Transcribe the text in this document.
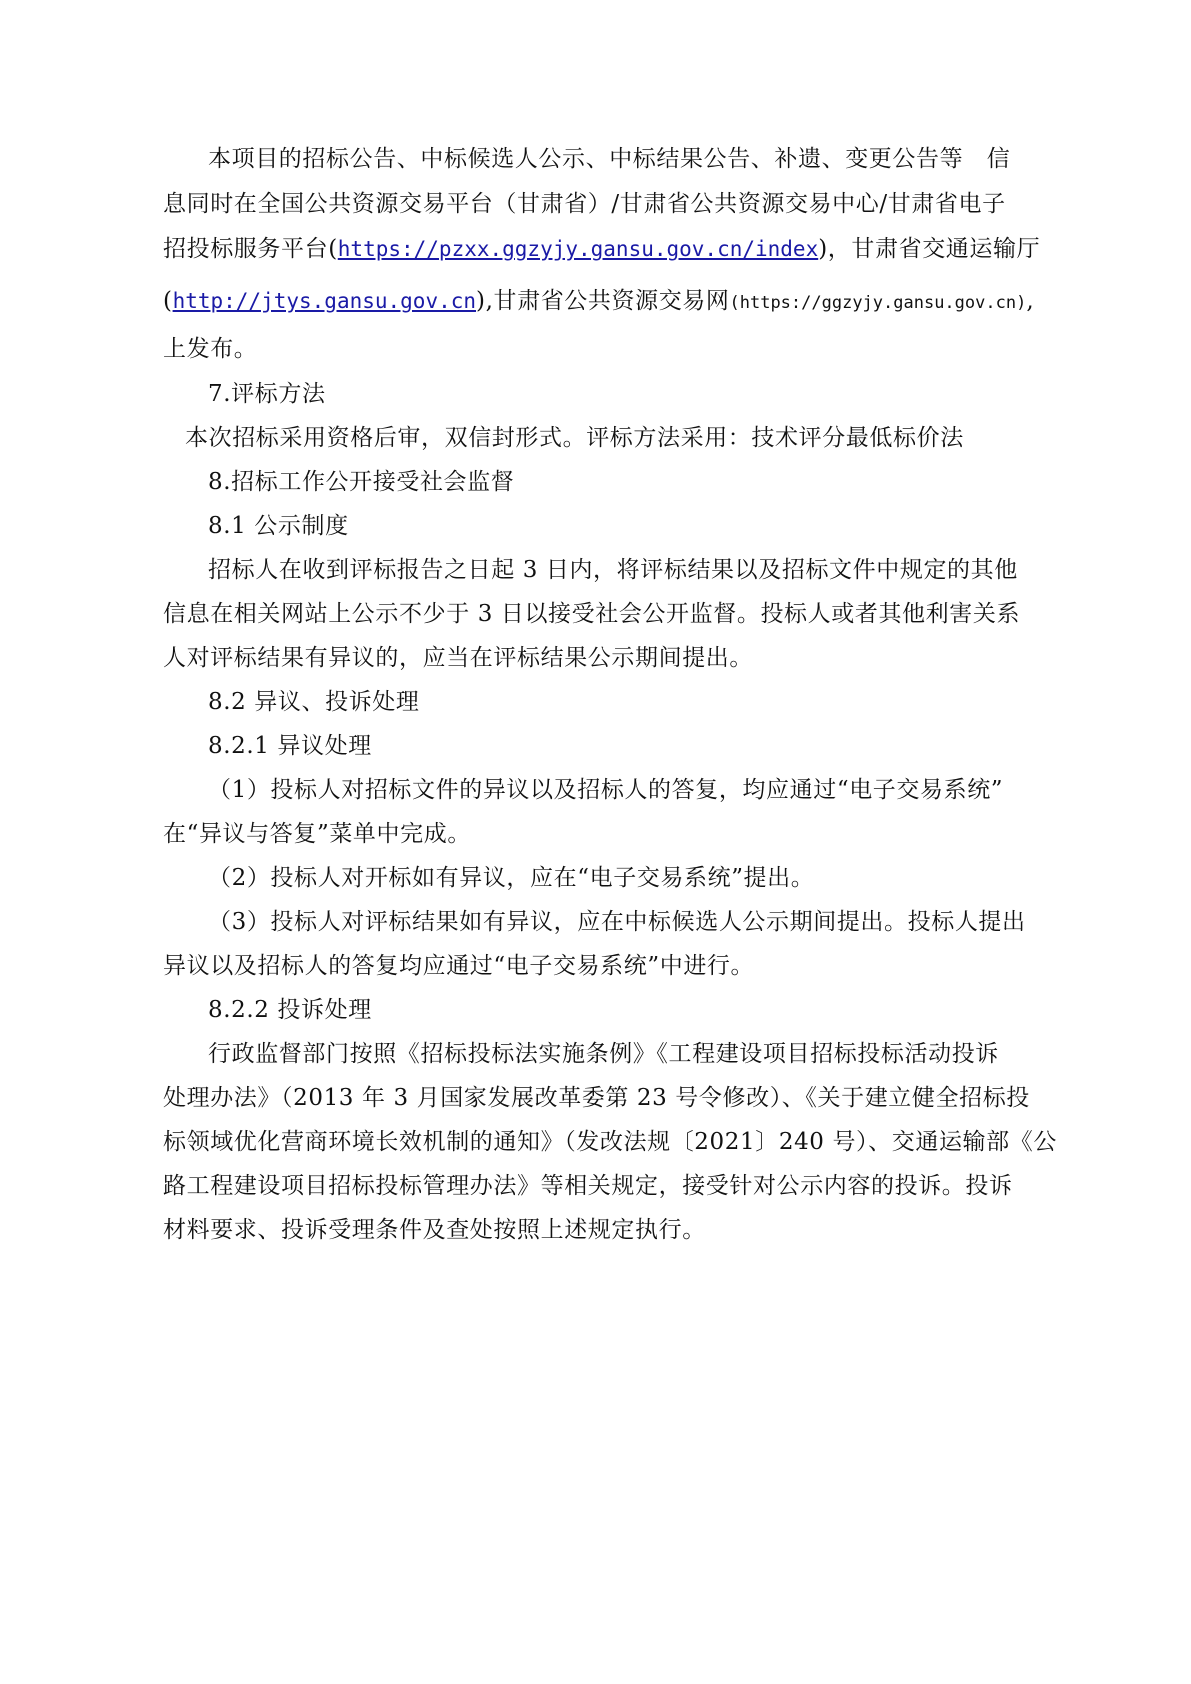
本项目的招标公告、中标候选人公示、中标结果公告、补遗、变更公告等　信
息同时在全国公共资源交易平台（甘肃省）/甘肃省公共资源交易中心/甘肃省电子
招投标服务平台(https://pzxx.ggzyjy.gansu.gov.cn/index)，甘肃省交通运输厅
(http://jtys.gansu.gov.cn),甘肃省公共资源交易网(https://ggzyjy.gansu.gov.cn),
上发布。
7.评标方法
本次招标采用资格后审，双信封形式。评标方法采用：技术评分最低标价法
8.招标工作公开接受社会监督
8.1 公示制度
招标人在收到评标报告之日起 3 日内，将评标结果以及招标文件中规定的其他
信息在相关网站上公示不少于 3 日以接受社会公开监督。投标人或者其他利害关系
人对评标结果有异议的，应当在评标结果公示期间提出。
8.2 异议、投诉处理
8.2.1 异议处理
（1）投标人对招标文件的异议以及招标人的答复，均应通过“电子交易系统”
在“异议与答复”菜单中完成。
（2）投标人对开标如有异议，应在“电子交易系统”提出。
（3）投标人对评标结果如有异议，应在中标候选人公示期间提出。投标人提出
异议以及招标人的答复均应通过“电子交易系统”中进行。
8.2.2 投诉处理
行政监督部门按照《招标投标法实施条例》《工程建设项目招标投标活动投诉
处理办法》（2013 年 3 月国家发展改革委第 23 号令修改）、《关于建立健全招标投
标领域优化营商环境长效机制的通知》（发改法规〔2021〕240 号）、交通运输部《公
路工程建设项目招标投标管理办法》等相关规定，接受针对公示内容的投诉。投诉
材料要求、投诉受理条件及查处按照上述规定执行。
